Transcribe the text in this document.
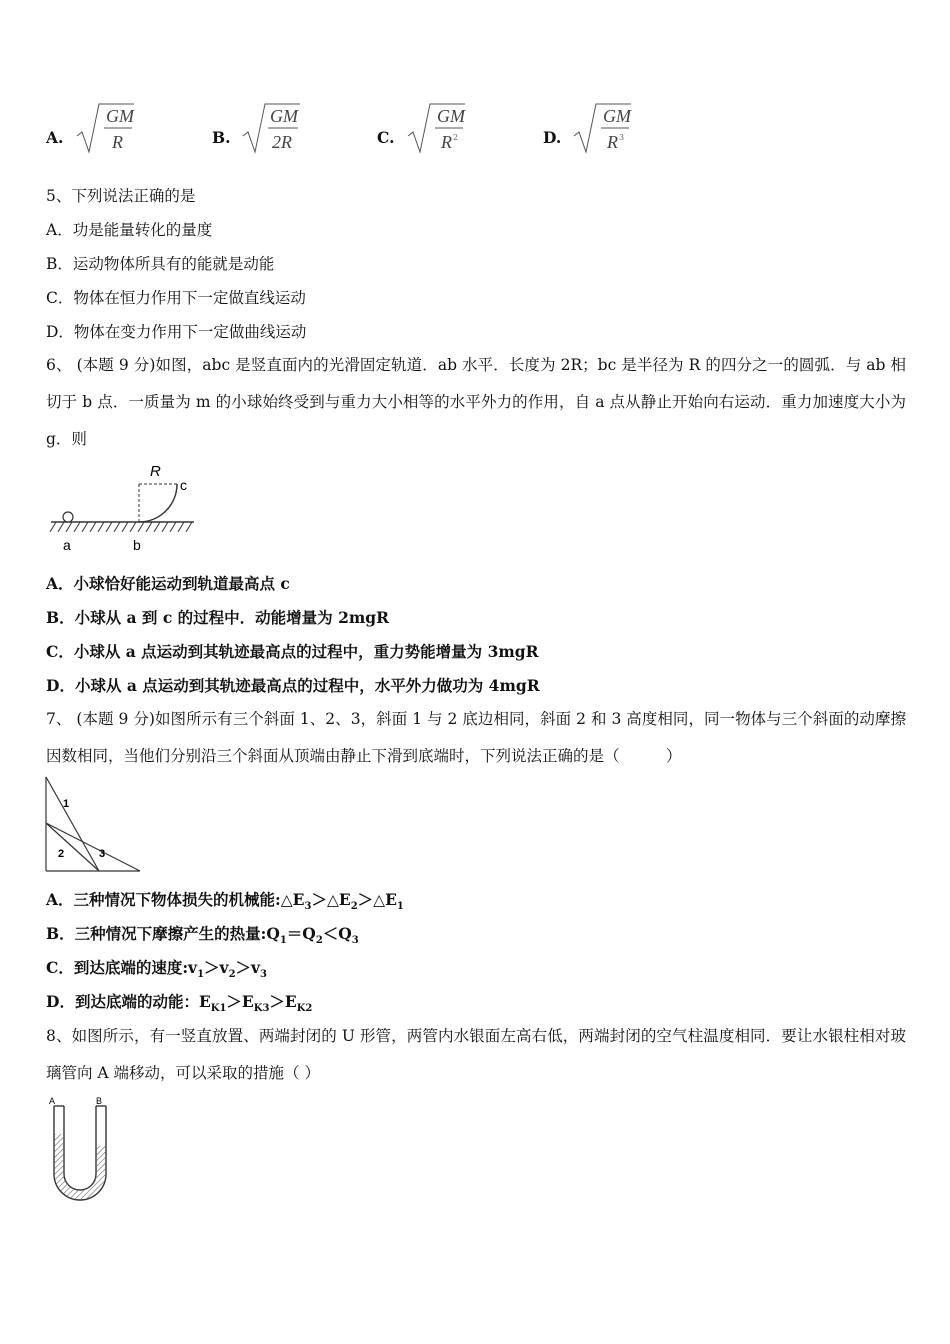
A.
GM
R	B.
GM
2R	C.
GM
R 2	D.
GM
R 3
5、下列说法正确的是
A．功是能量转化的量度
B．运动物体所具有的能就是动能
C．物体在恒力作用下一定做直线运动
D．物体在变力作用下一定做曲线运动
6、 (本题 9 分)如图，abc 是竖直面内的光滑固定轨道．ab 水平．长度为 2R；bc 是半径为 R 的四分之一的圆弧．与 ab 相切于 b 点．一质量为 m 的小球始终受到与重力大小相等的水平外力的作用，自 a 点从静止开始向右运动．重力加速度大小为 g．则
R
c
a	b
A．小球恰好能运动到轨道最高点 c
B．小球从 a 到 c 的过程中．动能增量为 2mgR
C．小球从 a 点运动到其轨迹最高点的过程中，重力势能增量为 3mgR
D．小球从 a 点运动到其轨迹最高点的过程中，水平外力做功为 4mgR
7、 (本题 9 分)如图所示有三个斜面 1、2、3，斜面 1 与 2 底边相同，斜面 2 和 3 高度相同，同一物体与三个斜面的动摩擦因数相同，当他们分别沿三个斜面从顶端由静止下滑到底端时，下列说法正确的是（　　　）
1
2	3
A．三种情况下物体损失的机械能$:\triangle E_3>\triangle E_2>\triangle E_1$
B．三种情况下摩擦产生的热量$:Q_1=Q_2<Q_3$
C．到达底端的速度$:v_1>v_2>v_3$
D．到达底端的动能：$E_{K1}>E_{K3}>E_{K2}$
8、如图所示，有一竖直放置、两端封闭的 U 形管，两管内水银面左高右低，两端封闭的空气柱温度相同．要让水银柱相对玻璃管向 A 端移动，可以采取的措施（ ）
A	B
